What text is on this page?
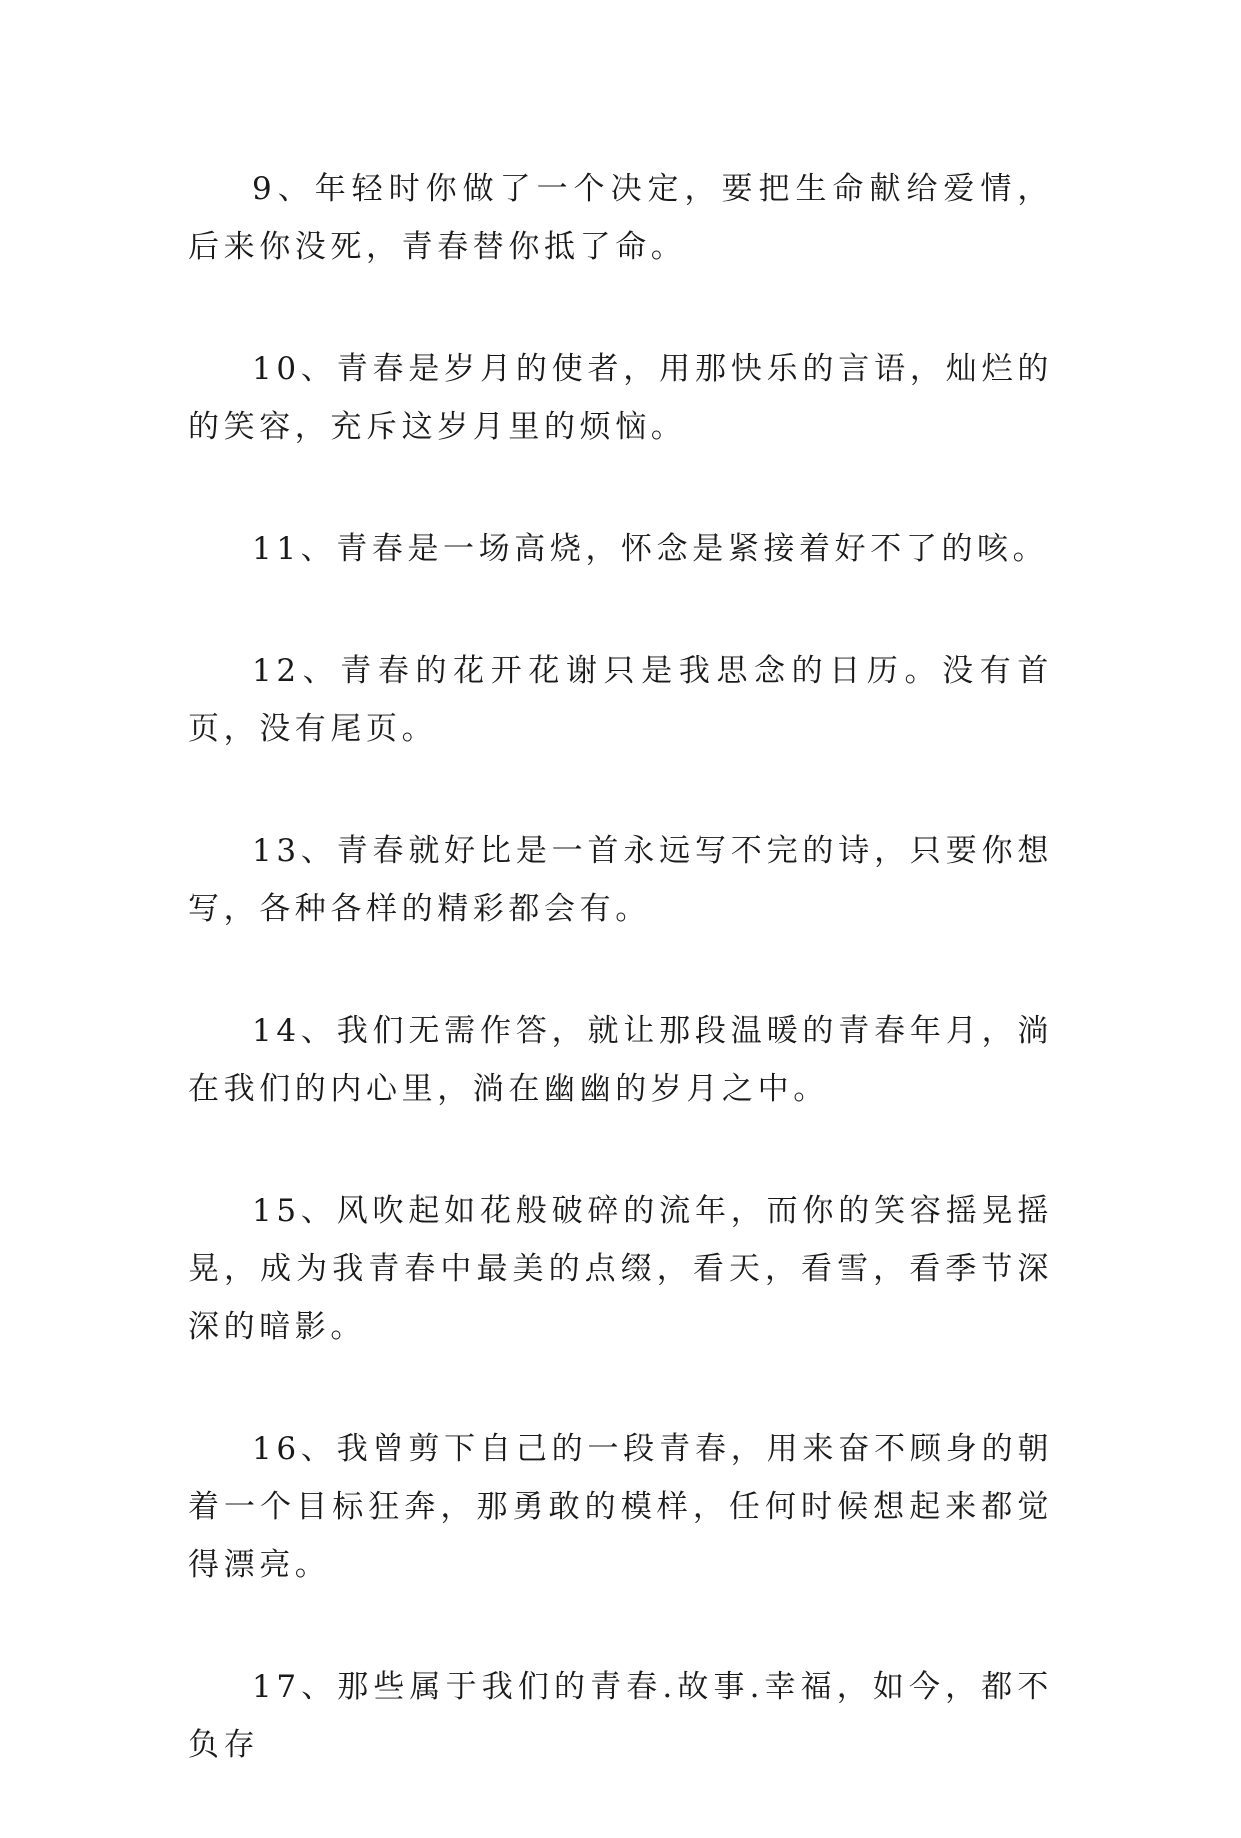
9、年轻时你做了一个决定，要把生命献给爱情，后来你没死，青春替你抵了命。

10、青春是岁月的使者，用那快乐的言语，灿烂的的笑容，充斥这岁月里的烦恼。

11、青春是一场高烧，怀念是紧接着好不了的咳。

12、青春的花开花谢只是我思念的日历。没有首页，没有尾页。

13、青春就好比是一首永远写不完的诗，只要你想写，各种各样的精彩都会有。

14、我们无需作答，就让那段温暖的青春年月，淌在我们的内心里，淌在幽幽的岁月之中。

15、风吹起如花般破碎的流年，而你的笑容摇晃摇晃，成为我青春中最美的点缀，看天，看雪，看季节深深的暗影。

16、我曾剪下自己的一段青春，用来奋不顾身的朝着一个目标狂奔，那勇敢的模样，任何时候想起来都觉得漂亮。

17、那些属于我们的青春.故事.幸福，如今，都不负存
